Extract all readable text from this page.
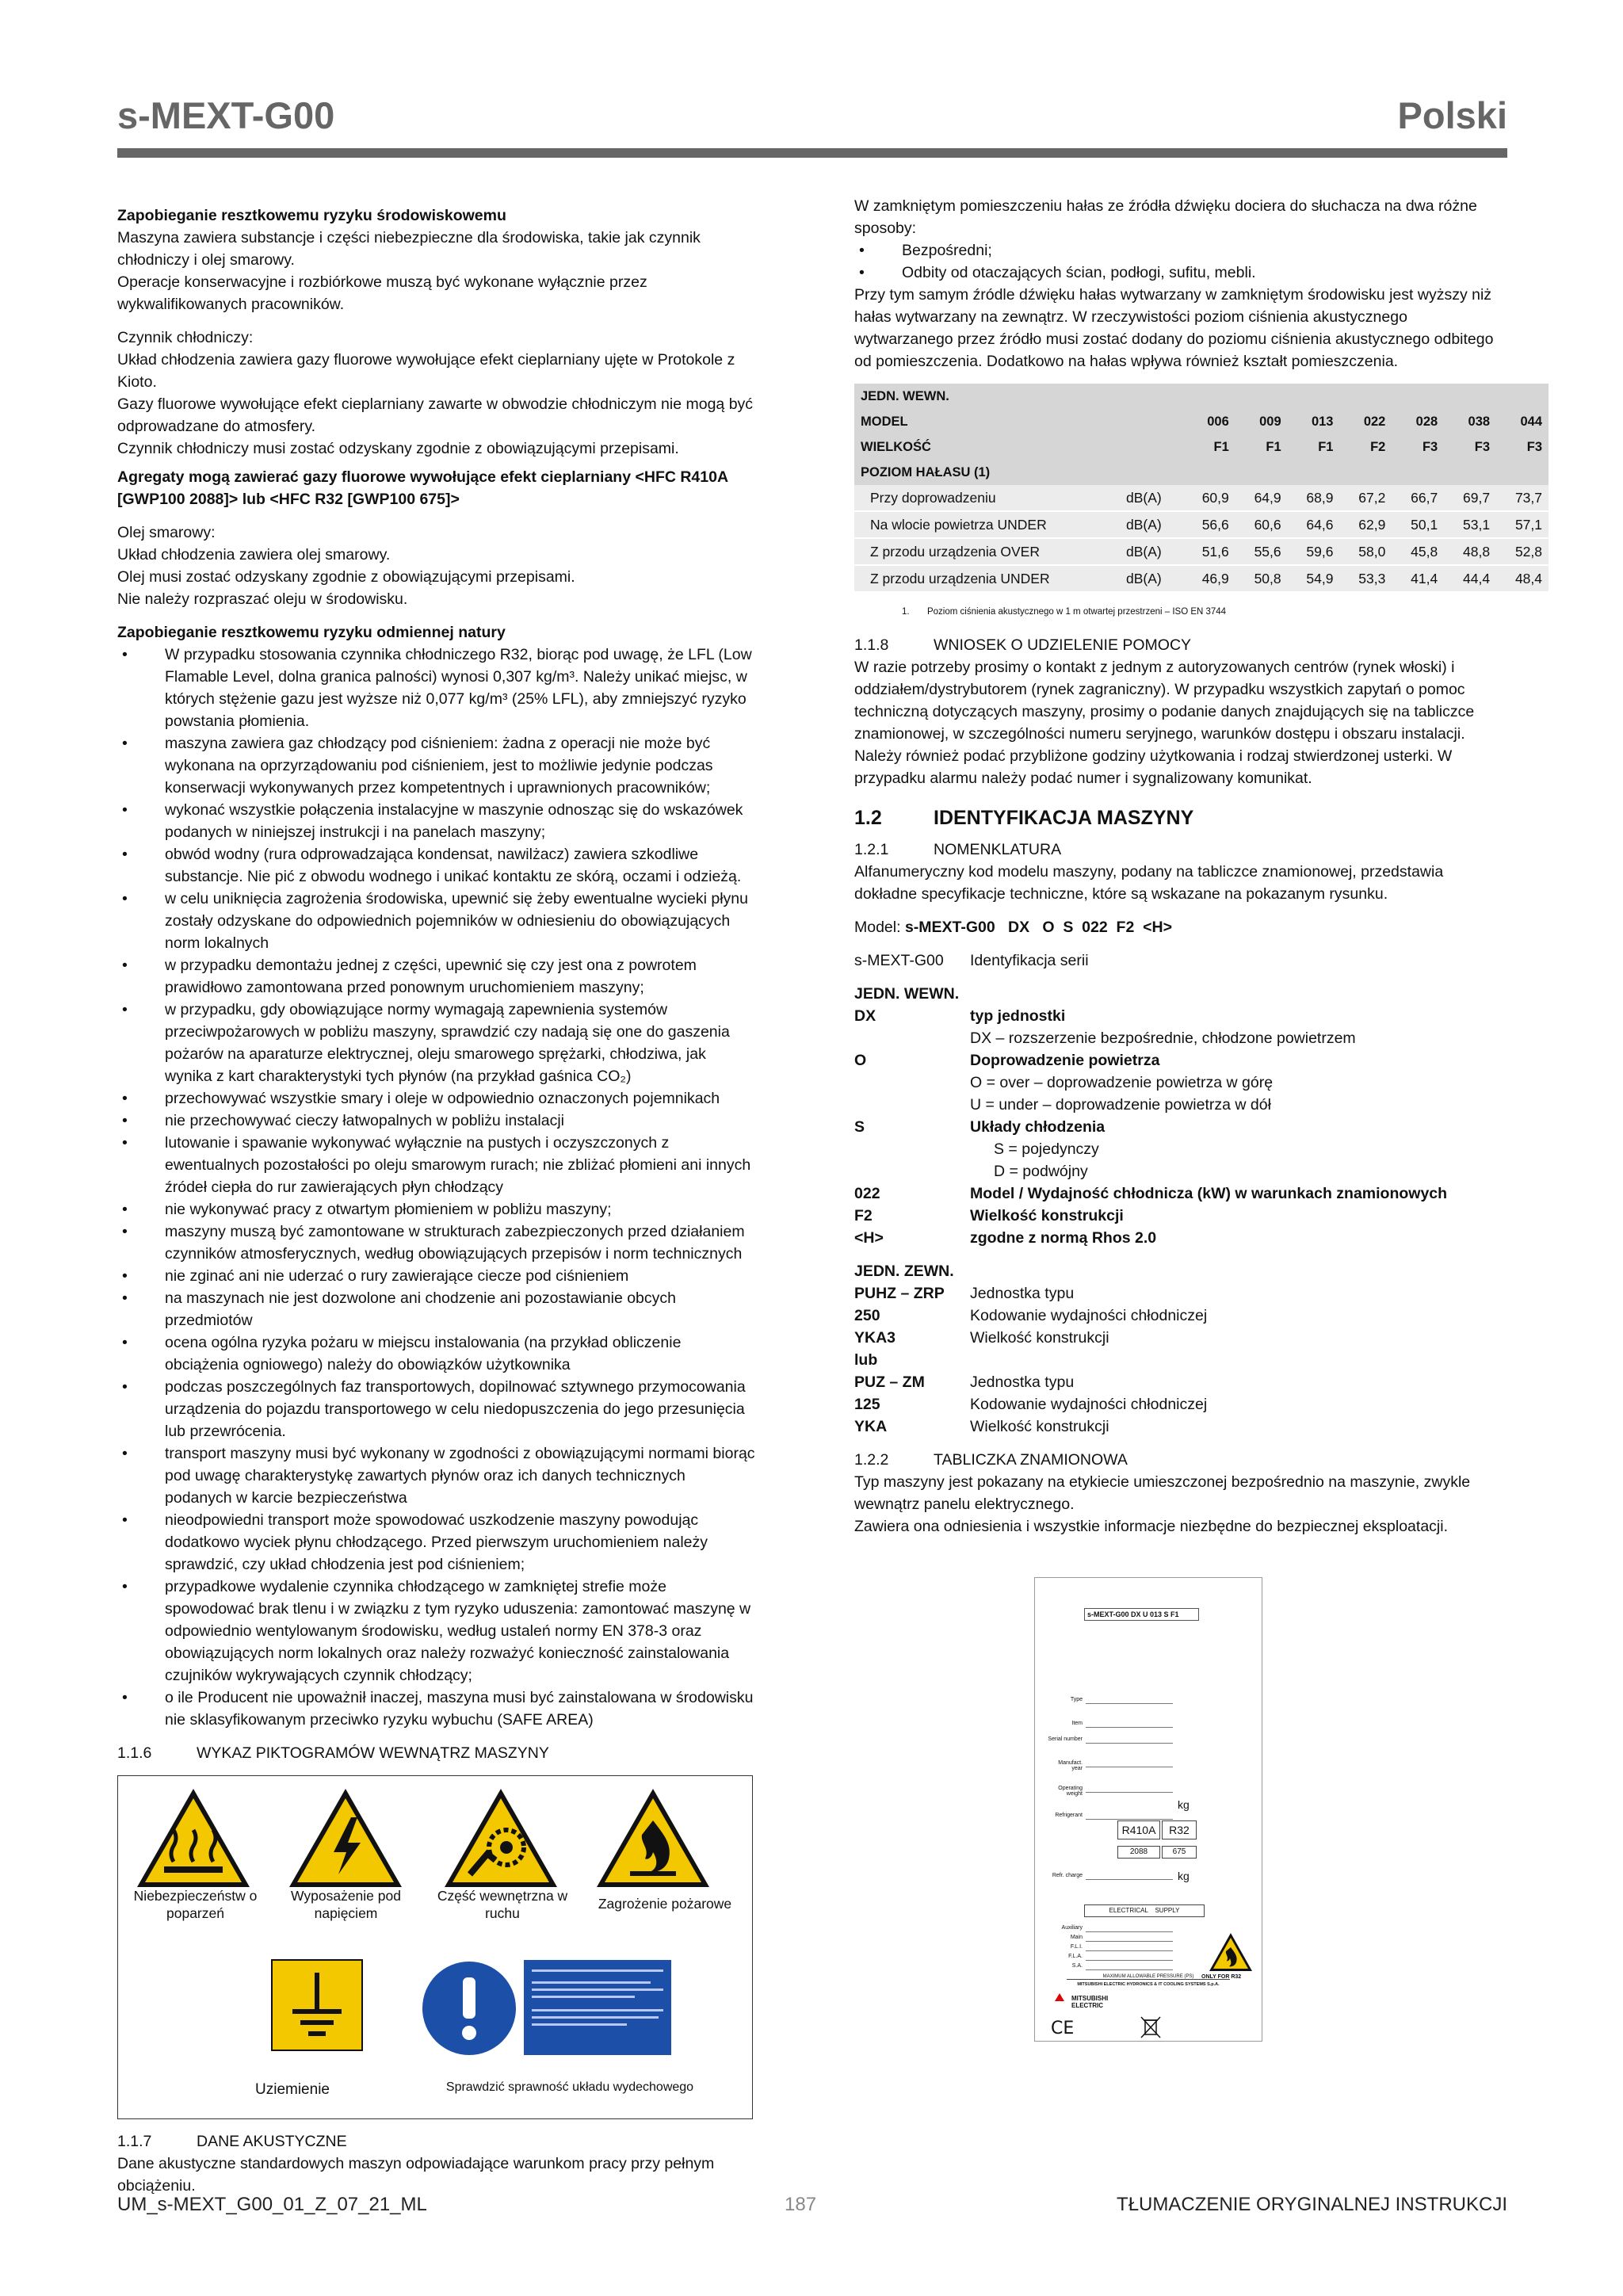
s-MEXT-G00	Polski

Zapobieganie resztkowemu ryzyku środowiskowemu

Maszyna zawiera substancje i części niebezpieczne dla środowiska, takie jak czynnik chłodniczy i olej smarowy.

Operacje konserwacyjne i rozbiórkowe muszą być wykonane wyłącznie przez wykwalifikowanych pracowników.

Czynnik chłodniczy:

Układ chłodzenia zawiera gazy fluorowe wywołujące efekt cieplarniany ujęte w Protokole z Kioto.

Gazy fluorowe wywołujące efekt cieplarniany zawarte w obwodzie chłodniczym nie mogą być odprowadzane do atmosfery.

Czynnik chłodniczy musi zostać odzyskany zgodnie z obowiązującymi przepisami.

Agregaty mogą zawierać gazy fluorowe wywołujące efekt cieplarniany <HFC R410A [GWP100 2088]> lub <HFC R32 [GWP100 675]>

Olej smarowy:

Układ chłodzenia zawiera olej smarowy.

Olej musi zostać odzyskany zgodnie z obowiązującymi przepisami.

Nie należy rozpraszać oleju w środowisku.

Zapobieganie resztkowemu ryzyku odmiennej natury

• W przypadku stosowania czynnika chłodniczego R32, biorąc pod uwagę, że LFL (Low Flamable Level, dolna granica palności) wynosi 0,307 kg/m³. Należy unikać miejsc, w których stężenie gazu jest wyższe niż 0,077 kg/m³ (25% LFL), aby zmniejszyć ryzyko powstania płomienia.
• maszyna zawiera gaz chłodzący pod ciśnieniem: żadna z operacji nie może być wykonana na oprzyrządowaniu pod ciśnieniem, jest to możliwie jedynie podczas konserwacji wykonywanych przez kompetentnych i uprawnionych pracowników;
• wykonać wszystkie połączenia instalacyjne w maszynie odnosząc się do wskazówek podanych w niniejszej instrukcji i na panelach maszyny;
• obwód wodny (rura odprowadzająca kondensat, nawilżacz) zawiera szkodliwe substancje. Nie pić z obwodu wodnego i unikać kontaktu ze skórą, oczami i odzieżą.
• w celu uniknięcia zagrożenia środowiska, upewnić się żeby ewentualne wycieki płynu zostały odzyskane do odpowiednich pojemników w odniesieniu do obowiązujących norm lokalnych
• w przypadku demontażu jednej z części, upewnić się czy jest ona z powrotem prawidłowo zamontowana przed ponownym uruchomieniem maszyny;
• w przypadku, gdy obowiązujące normy wymagają zapewnienia systemów przeciwpożarowych w pobliżu maszyny, sprawdzić czy nadają się one do gaszenia pożarów na aparaturze elektrycznej, oleju smarowego sprężarki, chłodziwa, jak wynika z kart charakterystyki tych płynów (na przykład gaśnica CO₂)
• przechowywać wszystkie smary i oleje w odpowiednio oznaczonych pojemnikach
• nie przechowywać cieczy łatwopalnych w pobliżu instalacji
• lutowanie i spawanie wykonywać wyłącznie na pustych i oczyszczonych z ewentualnych pozostałości po oleju smarowym rurach; nie zbliżać płomieni ani innych źródeł ciepła do rur zawierających płyn chłodzący
• nie wykonywać pracy z otwartym płomieniem w pobliżu maszyny;
• maszyny muszą być zamontowane w strukturach zabezpieczonych przed działaniem czynników atmosferycznych, według obowiązujących przepisów i norm technicznych
• nie zginać ani nie uderzać o rury zawierające ciecze pod ciśnieniem
• na maszynach nie jest dozwolone ani chodzenie ani pozostawianie obcych przedmiotów
• ocena ogólna ryzyka pożaru w miejscu instalowania (na przykład obliczenie obciążenia ogniowego) należy do obowiązków użytkownika
• podczas poszczególnych faz transportowych, dopilnować sztywnego przymocowania urządzenia do pojazdu transportowego w celu niedopuszczenia do jego przesunięcia lub przewrócenia.
• transport maszyny musi być wykonany w zgodności z obowiązującymi normami biorąc pod uwagę charakterystykę zawartych płynów oraz ich danych technicznych podanych w karcie bezpieczeństwa
• nieodpowiedni transport może spowodować uszkodzenie maszyny powodując dodatkowo wyciek płynu chłodzącego. Przed pierwszym uruchomieniem należy sprawdzić, czy układ chłodzenia jest pod ciśnieniem;
• przypadkowe wydalenie czynnika chłodzącego w zamkniętej strefie może spowodować brak tlenu i w związku z tym ryzyko uduszenia: zamontować maszynę w odpowiednio wentylowanym środowisku, według ustaleń normy EN 378-3 oraz obowiązujących norm lokalnych oraz należy rozważyć konieczność zainstalowania czujników wykrywających czynnik chłodzący;
• o ile Producent nie upoważnił inaczej, maszyna musi być zainstalowana w środowisku nie sklasyfikowanym przeciwko ryzyku wybuchu (SAFE AREA)
1.1.6	WYKAZ PIKTOGRAMÓW WEWNĄTRZ MASZYNY
Niebezpieczeństw o poparzeń
Wyposażenie pod napięciem
Część wewnętrzna w ruchu
Zagrożenie pożarowe
Uziemienie	Sprawdzić sprawność układu wydechowego
1.1.7	DANE AKUSTYCZNE

Dane akustyczne standardowych maszyn odpowiadające warunkom pracy przy pełnym obciążeniu.

W zamkniętym pomieszczeniu hałas ze źródła dźwięku dociera do słuchacza na dwa różne sposoby:

• Bezpośredni;
• Odbity od otaczających ścian, podłogi, sufitu, mebli.

Przy tym samym źródle dźwięku hałas wytwarzany w zamkniętym środowisku jest wyższy niż hałas wytwarzany na zewnątrz. W rzeczywistości poziom ciśnienia akustycznego wytwarzanego przez źródło musi zostać dodany do poziomu ciśnienia akustycznego odbitego od pomieszczenia. Dodatkowo na hałas wpływa również kształt pomieszczenia.

JEDN. WEWN.								
MODEL		006	009	013	022	028	038	044
WIELKOŚĆ		F1	F1	F1	F2	F3	F3	F3
POZIOM HAŁASU (1)								
Przy doprowadzeniu	dB(A)	60,9	64,9	68,9	67,2	66,7	69,7	73,7
Na wlocie powietrza UNDER	dB(A)	56,6	60,6	64,6	62,9	50,1	53,1	57,1
Z przodu urządzenia OVER	dB(A)	51,6	55,6	59,6	58,0	45,8	48,8	52,8
Z przodu urządzenia UNDER	dB(A)	46,9	50,8	54,9	53,3	41,4	44,4	48,4
1. Poziom ciśnienia akustycznego w 1 m otwartej przestrzeni – ISO EN 3744
1.1.8	WNIOSEK O UDZIELENIE POMOCY

W razie potrzeby prosimy o kontakt z jednym z autoryzowanych centrów (rynek włoski) i oddziałem/dystrybutorem (rynek zagraniczny). W przypadku wszystkich zapytań o pomoc techniczną dotyczących maszyny, prosimy o podanie danych znajdujących się na tabliczce znamionowej, w szczególności numeru seryjnego, warunków dostępu i obszaru instalacji. Należy również podać przybliżone godziny użytkowania i rodzaj stwierdzonej usterki. W przypadku alarmu należy podać numer i sygnalizowany komunikat.

1.2	IDENTYFIKACJA MASZYNY
1.2.1	NOMENKLATURA

Alfanumeryczny kod modelu maszyny, podany na tabliczce znamionowej, przedstawia dokładne specyfikacje techniczne, które są wskazane na pokazanym rysunku.

Model: s-MEXT-G00   DX   O  S  022  F2  <H>

s-MEXT-G00	Identyfikacja serii

JEDN. WEWN.

DX	typ jednostki
DX – rozszerzenie bezpośrednie, chłodzone powietrzem
O	Doprowadzenie powietrza
O = over – doprowadzenie powietrza w górę
U = under – doprowadzenie powietrza w dół
S	Układy chłodzenia
S = pojedynczy
D = podwójny
022	Model / Wydajność chłodnicza (kW) w warunkach znamionowych
F2	Wielkość konstrukcji
<H>	zgodne z normą Rhos 2.0

JEDN. ZEWN.

PUHZ – ZRP	Jednostka typu
250	Kodowanie wydajności chłodniczej
YKA3	Wielkość konstrukcji

lub

PUZ – ZM	Jednostka typu
125	Kodowanie wydajności chłodniczej
YKA	Wielkość konstrukcji
1.2.2	TABLICZKA ZNAMIONOWA

Typ maszyny jest pokazany na etykiecie umieszczonej bezpośrednio na maszynie, zwykle wewnątrz panelu elektrycznego.

Zawiera ona odniesienia i wszystkie informacje niezbędne do bezpiecznej eksploatacji.

s-MEXT-G00 DX U 013 S F1
Type
Item
Serial number
Manufact. year
Operating weight
Refrigerant
Refr. charge
Auxiliary
Main
F.L.I.
F.L.A.
S.A.
R410A	R32
2088	675
kg
kg
ELECTRICAL    SUPPLY
MAXIMUM ALLOWABLE PRESSURE (PS)	ONLY FOR R32
MITSUBISHI ELECTRIC HYDRONICS & IT COOLING SYSTEMS S.p.A.
MITSUBISHI ELECTRIC
CE
UM_s-MEXT_G00_01_Z_07_21_ML	187	TŁUMACZENIE ORYGINALNEJ INSTRUKCJI
